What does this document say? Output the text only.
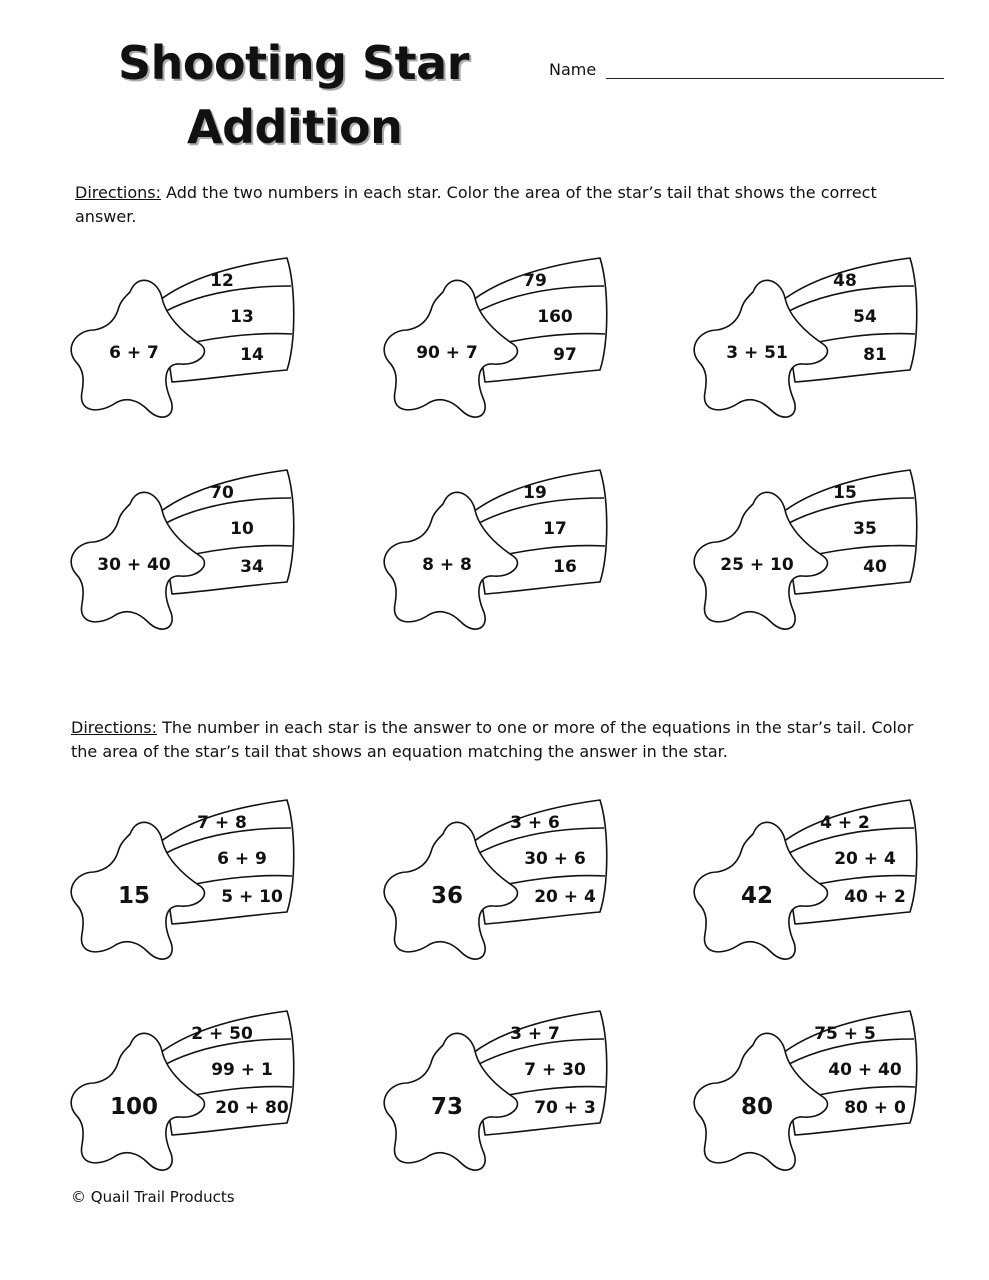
Shooting Star
Addition
Name
Directions: Add the two numbers in each star. Color the area of the star’s tail that shows the correct answer.
Directions: The number in each star is the answer to one or more of the equations in the star’s tail. Color the area of the star’s tail that shows an equation matching the answer in the star.
12
13
14
6 + 7
79
160
97
90 + 7
48
54
81
3 + 51
70
10
34
30 + 40
19
17
16
8 + 8
15
35
40
25 + 10
7 + 8
6 + 9
5 + 10
15
3 + 6
30 + 6
20 + 4
36
4 + 2
20 + 4
40 + 2
42
2 + 50
99 + 1
20 + 80
100
3 + 7
7 + 30
70 + 3
73
75 + 5
40 + 40
80 + 0
80
© Quail Trail Products
